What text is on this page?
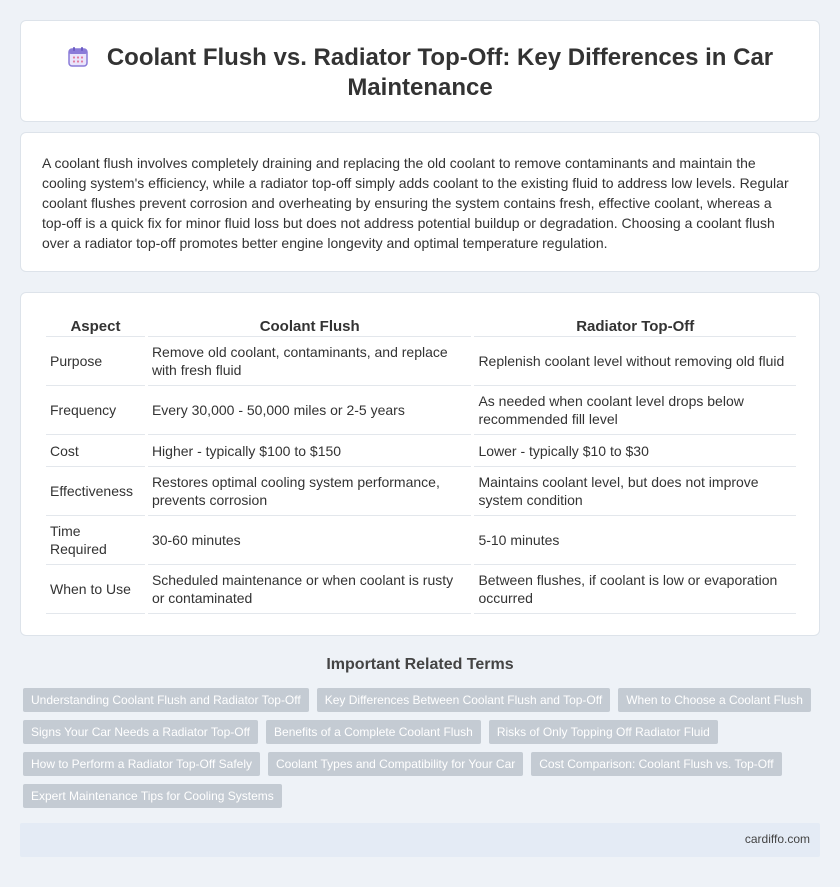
Coolant Flush vs. Radiator Top-Off: Key Differences in Car Maintenance

A coolant flush involves completely draining and replacing the old coolant to remove contaminants and maintain the cooling system's efficiency, while a radiator top-off simply adds coolant to the existing fluid to address low levels. Regular coolant flushes prevent corrosion and overheating by ensuring the system contains fresh, effective coolant, whereas a top-off is a quick fix for minor fluid loss but does not address potential buildup or degradation. Choosing a coolant flush over a radiator top-off promotes better engine longevity and optimal temperature regulation.

Aspect	Coolant Flush	Radiator Top-Off
Purpose	Remove old coolant, contaminants, and replace with fresh fluid	Replenish coolant level without removing old fluid
Frequency	Every 30,000 - 50,000 miles or 2-5 years	As needed when coolant level drops below recommended fill level
Cost	Higher - typically $100 to $150	Lower - typically $10 to $30
Effectiveness	Restores optimal cooling system performance, prevents corrosion	Maintains coolant level, but does not improve system condition
Time Required	30-60 minutes	5-10 minutes
When to Use	Scheduled maintenance or when coolant is rusty or contaminated	Between flushes, if coolant is low or evaporation occurred
Important Related Terms
Understanding Coolant Flush and Radiator Top-Off	Key Differences Between Coolant Flush and Top-Off	When to Choose a Coolant Flush
Signs Your Car Needs a Radiator Top-Off	Benefits of a Complete Coolant Flush	Risks of Only Topping Off Radiator Fluid
How to Perform a Radiator Top-Off Safely	Coolant Types and Compatibility for Your Car	Cost Comparison: Coolant Flush vs. Top-Off
Expert Maintenance Tips for Cooling Systems
cardiffo.com
